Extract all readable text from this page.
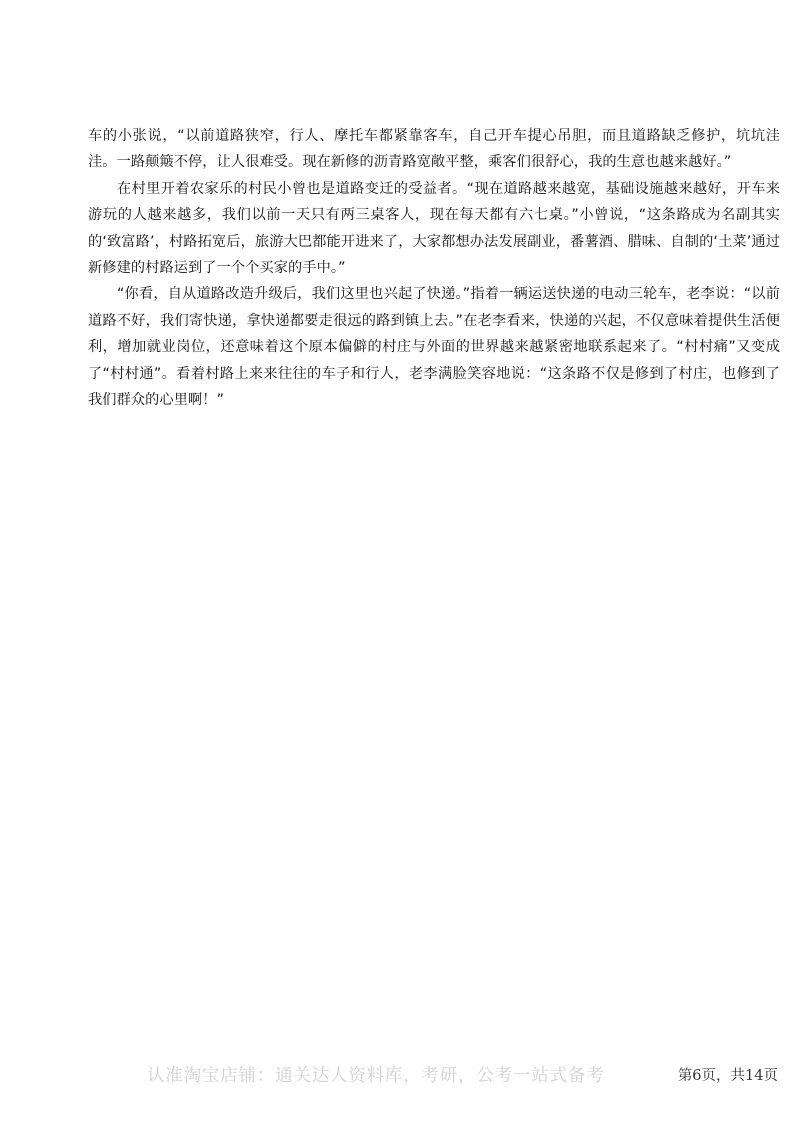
车的小张说，“以前道路狭窄，行人、摩托车都紧靠客车，自己开车提心吊胆，而且道路缺乏修护，坑坑洼洼。一路颠簸不停，让人很难受。现在新修的沥青路宽敞平整，乘客们很舒心，我的生意也越来越好。”

在村里开着农家乐的村民小曾也是道路变迁的受益者。“现在道路越来越宽，基础设施越来越好，开车来游玩的人越来越多，我们以前一天只有两三桌客人，现在每天都有六七桌。”小曾说，“这条路成为名副其实的‘致富路’，村路拓宽后，旅游大巴都能开进来了，大家都想办法发展副业，番薯酒、腊味、自制的‘土菜’通过新修建的村路运到了一个个买家的手中。”

“你看，自从道路改造升级后，我们这里也兴起了快递。”指着一辆运送快递的电动三轮车，老李说：“以前道路不好，我们寄快递，拿快递都要走很远的路到镇上去。”在老李看来，快递的兴起，不仅意味着提供生活便利，增加就业岗位，还意味着这个原本偏僻的村庄与外面的世界越来越紧密地联系起来了。“村村痛”又变成了“村村通”。看着村路上来来往往的车子和行人，老李满脸笑容地说：“这条路不仅是修到了村庄，也修到了我们群众的心里啊！”

认准淘宝店铺：通关达人资料库，考研，公考一站式备考	第6页，共14页
